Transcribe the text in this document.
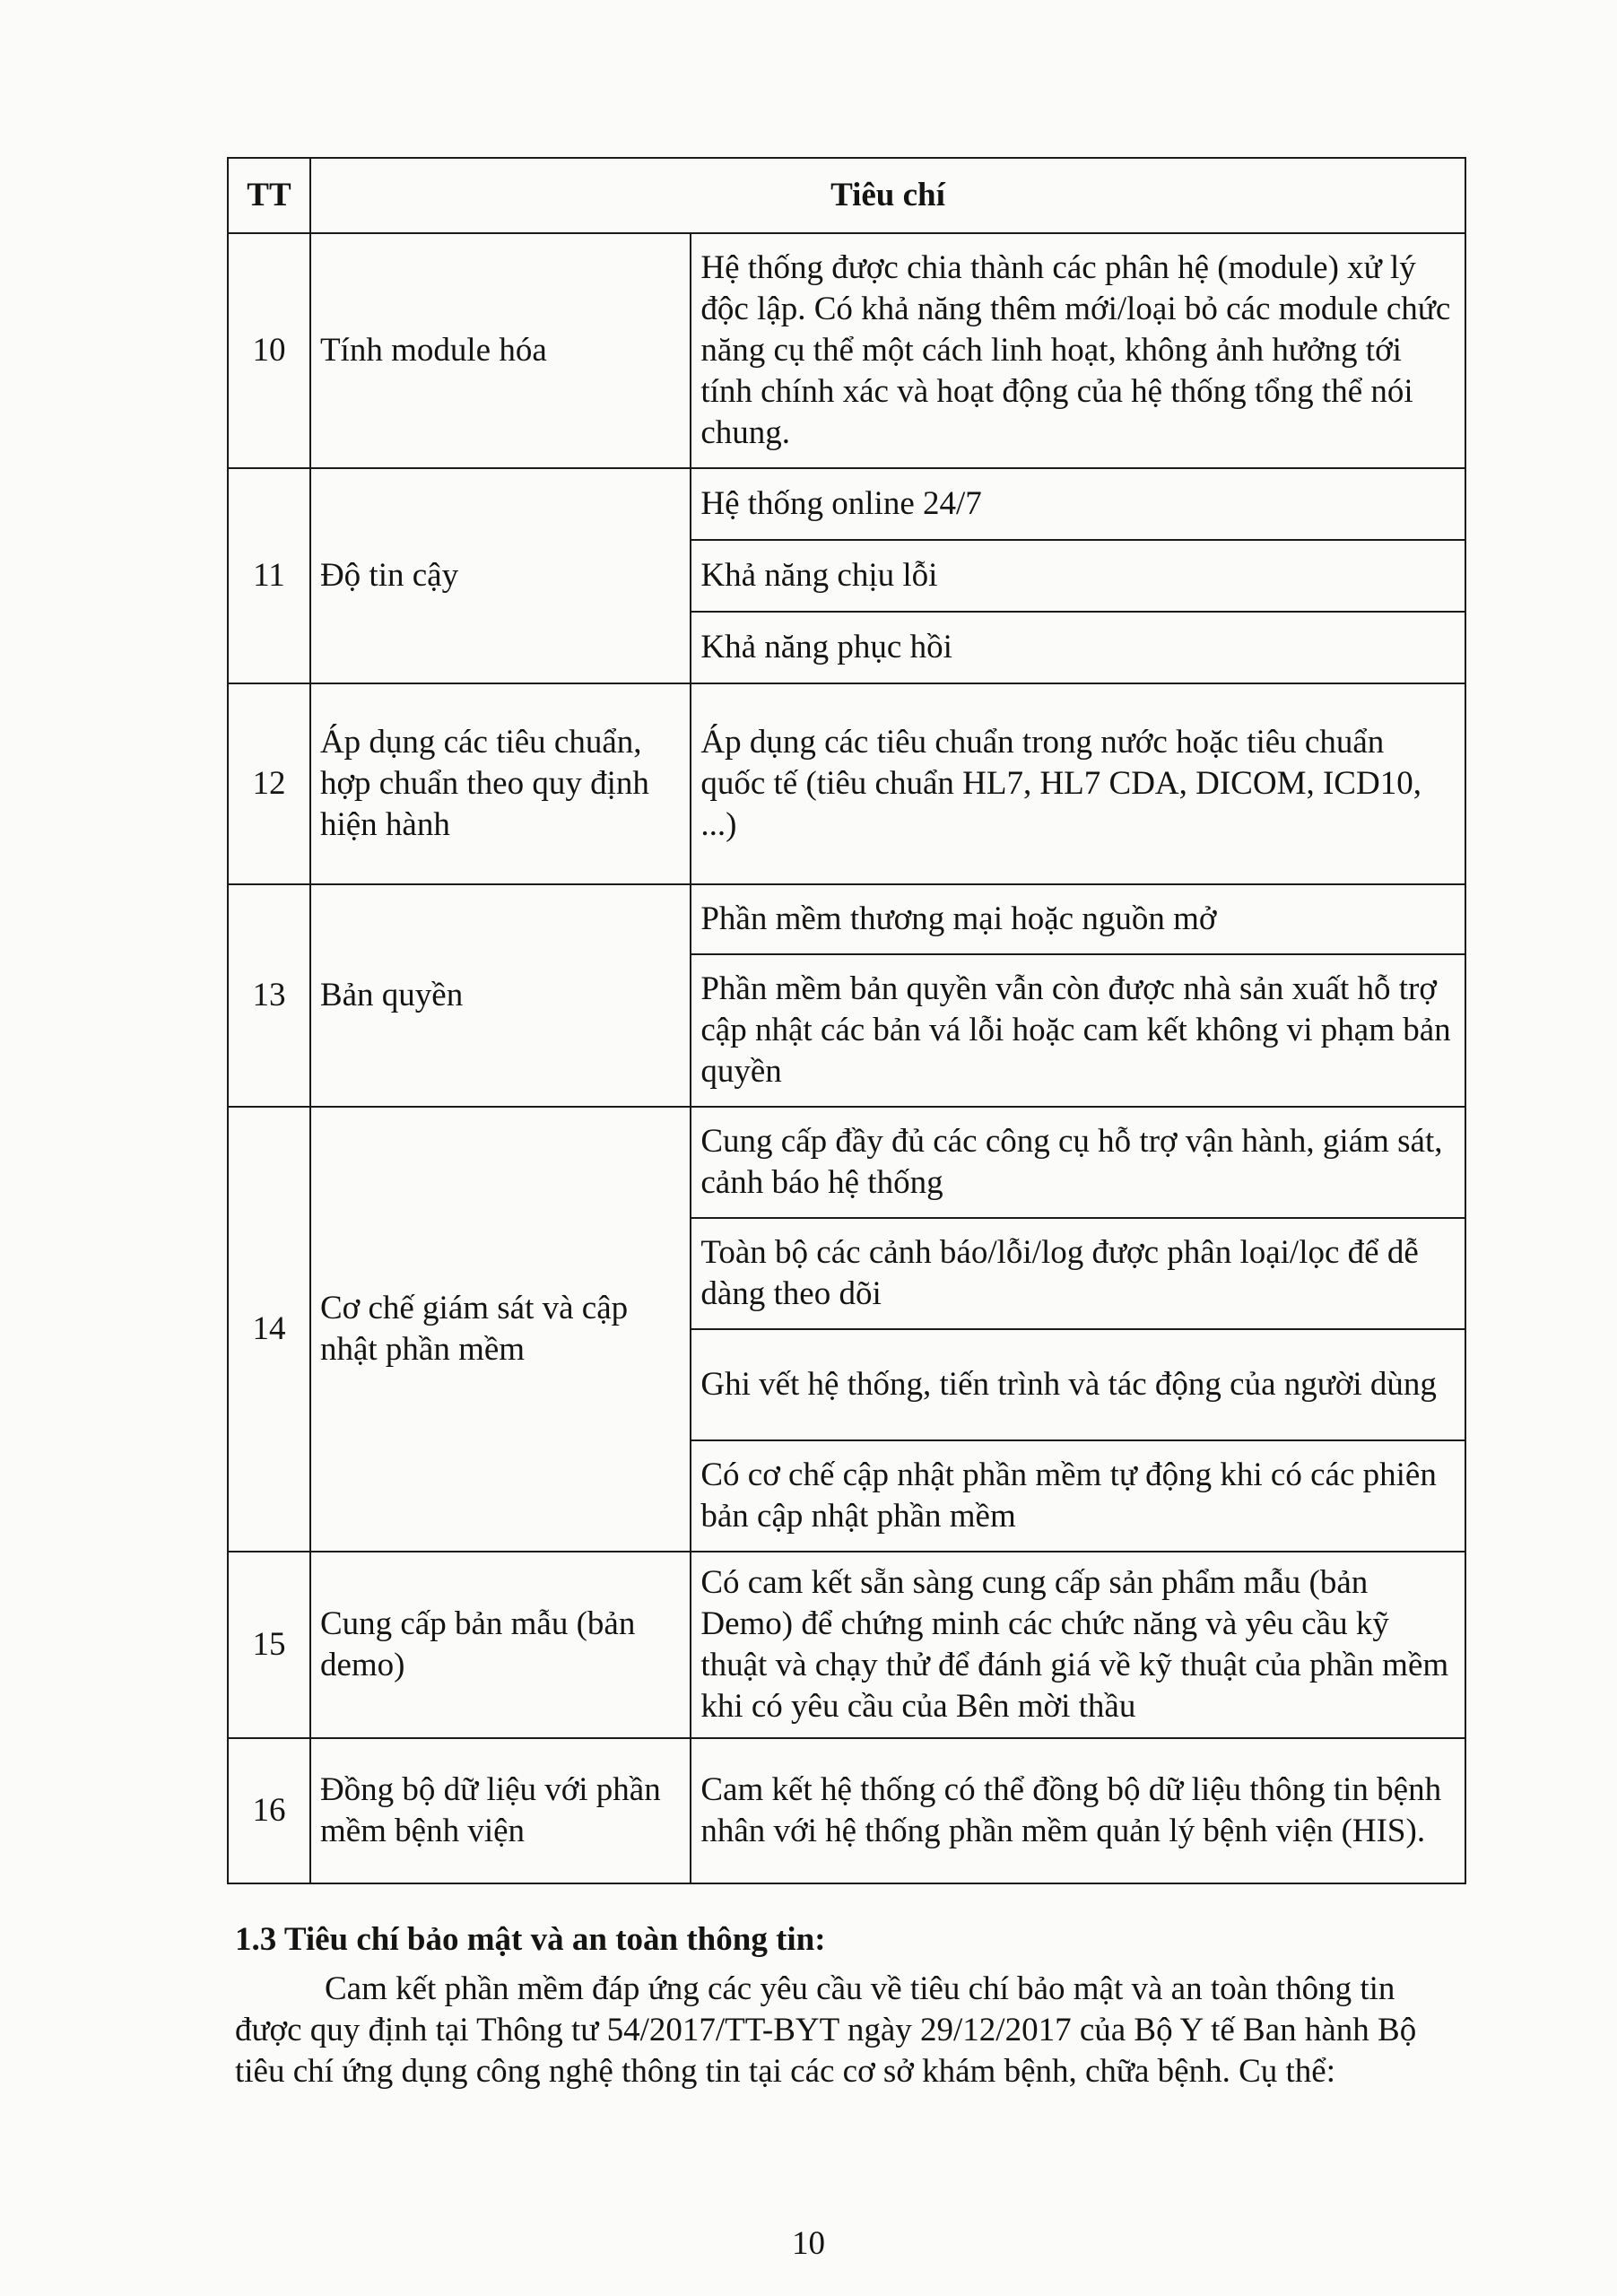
TT	Tiêu chí	
10	Tính module hóa	Hệ thống được chia thành các phân hệ (module) xử lý độc lập. Có khả năng thêm mới/loại bỏ các module chức năng cụ thể một cách linh hoạt, không ảnh hưởng tới tính chính xác và hoạt động của hệ thống tổng thể nói chung.
11	Độ tin cậy	Hệ thống online 24/7
		Khả năng chịu lỗi
		Khả năng phục hồi
12	Áp dụng các tiêu chuẩn, hợp chuẩn theo quy định hiện hành	Áp dụng các tiêu chuẩn trong nước hoặc tiêu chuẩn quốc tế (tiêu chuẩn HL7, HL7 CDA, DICOM, ICD10, ...)
13	Bản quyền	Phần mềm thương mại hoặc nguồn mở
		Phần mềm bản quyền vẫn còn được nhà sản xuất hỗ trợ cập nhật các bản vá lỗi hoặc cam kết không vi phạm bản quyền
14	Cơ chế giám sát và cập nhật phần mềm	Cung cấp đầy đủ các công cụ hỗ trợ vận hành, giám sát, cảnh báo hệ thống
		Toàn bộ các cảnh báo/lỗi/log được phân loại/lọc để dễ dàng theo dõi
		Ghi vết hệ thống, tiến trình và tác động của người dùng
		Có cơ chế cập nhật phần mềm tự động khi có các phiên bản cập nhật phần mềm
15	Cung cấp bản mẫu (bản demo)	Có cam kết sẵn sàng cung cấp sản phẩm mẫu (bản Demo) để chứng minh các chức năng và yêu cầu kỹ thuật và chạy thử để đánh giá về kỹ thuật của phần mềm khi có yêu cầu của Bên mời thầu
16	Đồng bộ dữ liệu với phần mềm bệnh viện	Cam kết hệ thống có thể đồng bộ dữ liệu thông tin bệnh nhân với hệ thống phần mềm quản lý bệnh viện (HIS).
1.3 Tiêu chí bảo mật và an toàn thông tin:
Cam kết phần mềm đáp ứng các yêu cầu về tiêu chí bảo mật và an toàn thông tin được quy định tại Thông tư 54/2017/TT-BYT ngày 29/12/2017 của Bộ Y tế Ban hành Bộ tiêu chí ứng dụng công nghệ thông tin tại các cơ sở khám bệnh, chữa bệnh. Cụ thể:
10
